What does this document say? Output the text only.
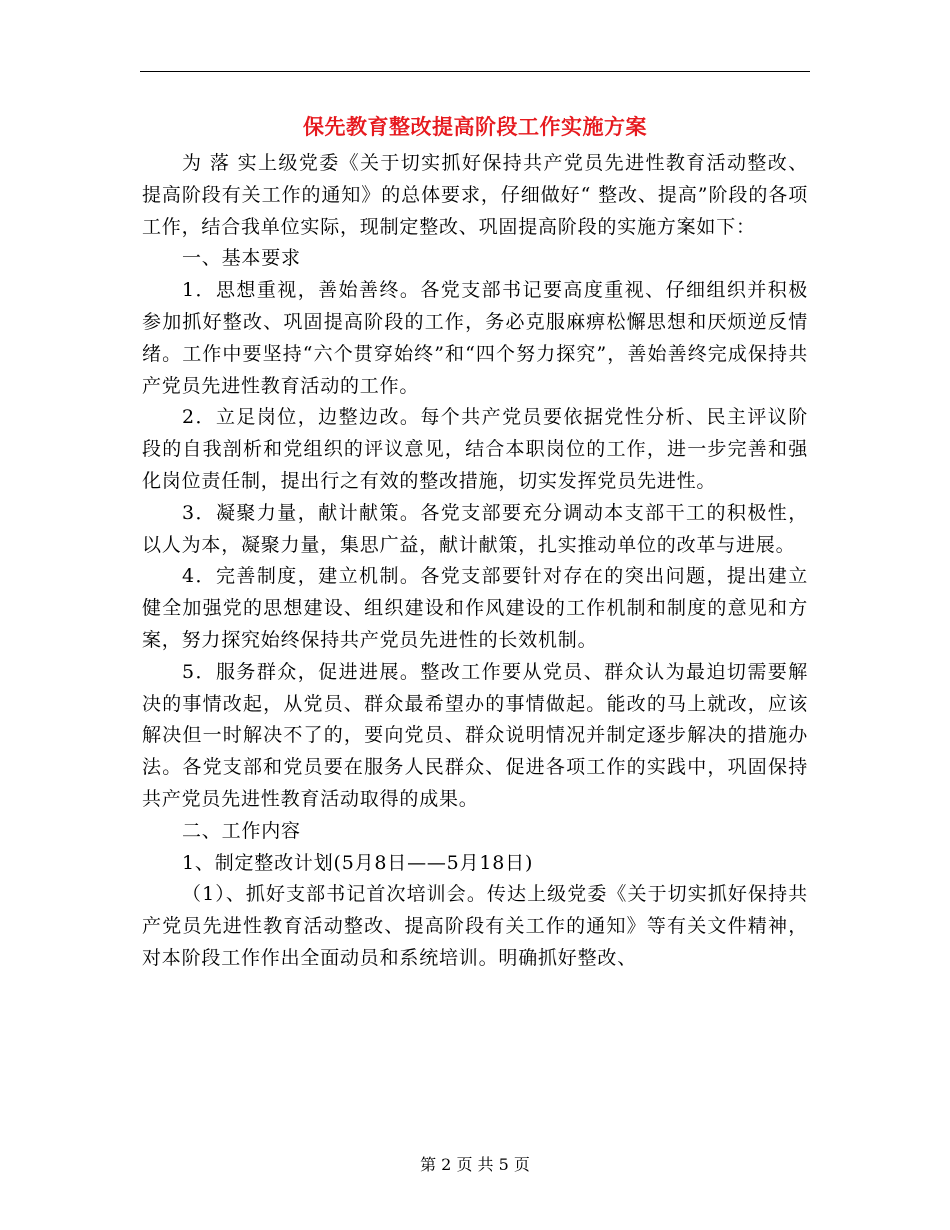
保先教育整改提高阶段工作实施方案

为 落 实上级党委《关于切实抓好保持共产党员先进性教育活动整改、提高阶段有关工作的通知》的总体要求，仔细做好“ 整改、提高”阶段的各项工作，结合我单位实际，现制定整改、巩固提高阶段的实施方案如下：

一、基本要求

1．思想重视，善始善终。各党支部书记要高度重视、仔细组织并积极参加抓好整改、巩固提高阶段的工作，务必克服麻痹松懈思想和厌烦逆反情绪。工作中要坚持“六个贯穿始终”和“四个努力探究”，善始善终完成保持共产党员先进性教育活动的工作。

2．立足岗位，边整边改。每个共产党员要依据党性分析、民主评议阶段的自我剖析和党组织的评议意见，结合本职岗位的工作，进一步完善和强化岗位责任制，提出行之有效的整改措施，切实发挥党员先进性。

3．凝聚力量，献计献策。各党支部要充分调动本支部干工的积极性，以人为本，凝聚力量，集思广益，献计献策，扎实推动单位的改革与进展。

4．完善制度，建立机制。各党支部要针对存在的突出问题，提出建立健全加强党的思想建设、组织建设和作风建设的工作机制和制度的意见和方案，努力探究始终保持共产党员先进性的长效机制。

5．服务群众，促进进展。整改工作要从党员、群众认为最迫切需要解决的事情改起，从党员、群众最希望办的事情做起。能改的马上就改，应该解决但一时解决不了的，要向党员、群众说明情况并制定逐步解决的措施办法。各党支部和党员要在服务人民群众、促进各项工作的实践中，巩固保持共产党员先进性教育活动取得的成果。

二、工作内容

1、制定整改计划(5月8日——5月18日)

（1）、抓好支部书记首次培训会。传达上级党委《关于切实抓好保持共产党员先进性教育活动整改、提高阶段有关工作的通知》等有关文件精神，对本阶段工作作出全面动员和系统培训。明确抓好整改、

第 2 页 共 5 页
